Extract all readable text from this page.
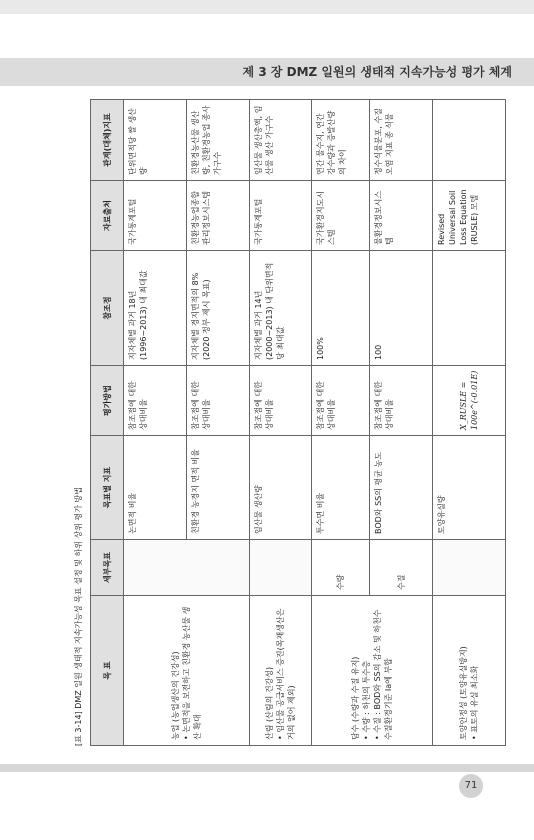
제 3 장 DMZ 일원의 생태적 지속가능성 평가 체계
[표 3-14] DMZ 일원 생태적 지속가능성 목표 설정 및 하위 상위 평가 방법	목 표	세부목표	목표별 지표	평가방법	참조점	자료출처	관계(대체)지표

농업 (농업생산의 건강성) • 논면적을 보전하고 친환경 농산물 생산 확대		논면적 비율	참조점에 대한 상대비율	지자체별 과거 18년(1996~2013) 내 최대값	국가통계포털	단위면적당 쌀 생산량
		친환경 농경지 면적 비율	참조점에 대한 상대비율	지자체별 경지면적의 8% (2020 정부 제시 목표)	친환경농업종합관리정보시스템	친환경농산물 생산량, 친환경농업 종사 가구수

산림 (산림의 건강성) • 임산물 공급서비스 증진(목재생산은 거의 없어 제외)		임산물 생산량	참조점에 대한 상대비율	지자체별 과거 14년(2000~2013) 내 단위면적당 최대값	국가통계포털	임산물 생산총액, 임산물 생산 가구수

담수 (수량과 수질 유지) • 수량 : 하천의 투수층
• 수질 : BOD와 SS의 감소 및 하천수 수질환경기준 Ia에 부합	수량	투수면 비율	참조점에 대한 상대비율	100%	국가환경지도시스템	연간 물수지, 연간 강수량과 증발산량의 차이
	수질	BOD와 SS의 평균 농도	참조점에 대한 상대비율	100	물환경정보시스템	정수식물분포, 수질오염 지표 종 식물

토양안정성 (토양유실방지) • 표토의 유실 최소화		토양유실량	X_RUSLE = 100e^(-0.01E)		Revised Universal Soil Loss Equation (RUSLE) 모델	
71
